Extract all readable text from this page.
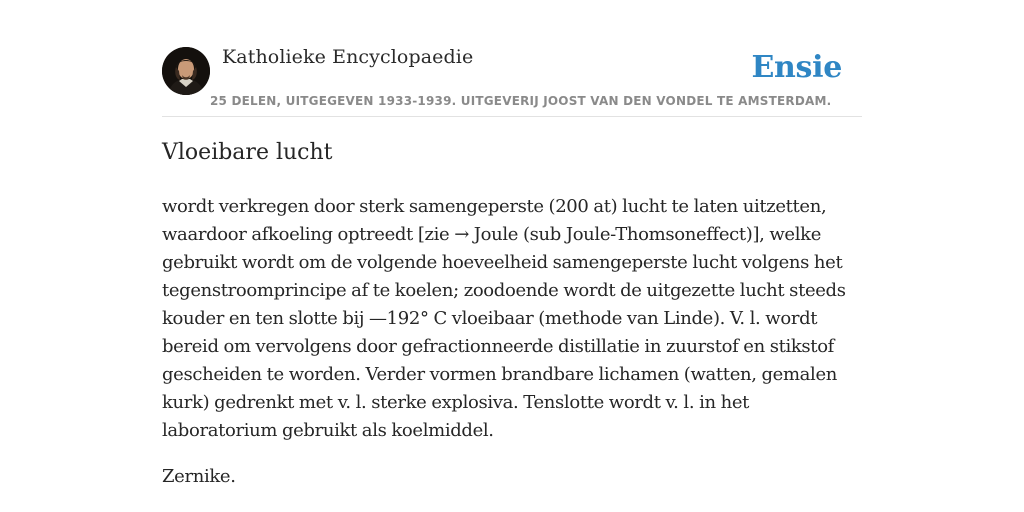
Katholieke Encyclopaedie	Ensie
25 DELEN, UITGEGEVEN 1933-1939. UITGEVERIJ JOOST VAN DEN VONDEL TE AMSTERDAM.
Vloeibare lucht

wordt verkregen door sterk samengeperste (200 at) lucht te laten uitzetten, waardoor afkoeling optreedt [zie → Joule (sub Joule-Thomsoneffect)], welke gebruikt wordt om de volgende hoeveelheid samengeperste lucht volgens het tegenstroomprincipe af te koelen; zoodoende wordt de uitgezette lucht steeds kouder en ten slotte bij —192° C vloeibaar (methode van Linde). V. l. wordt bereid om vervolgens door gefractionneerde distillatie in zuurstof en stikstof gescheiden te worden. Verder vormen brandbare lichamen (watten, gemalen kurk) gedrenkt met v. l. sterke explosiva. Tenslotte wordt v. l. in het laboratorium gebruikt als koelmiddel.

Zernike.
